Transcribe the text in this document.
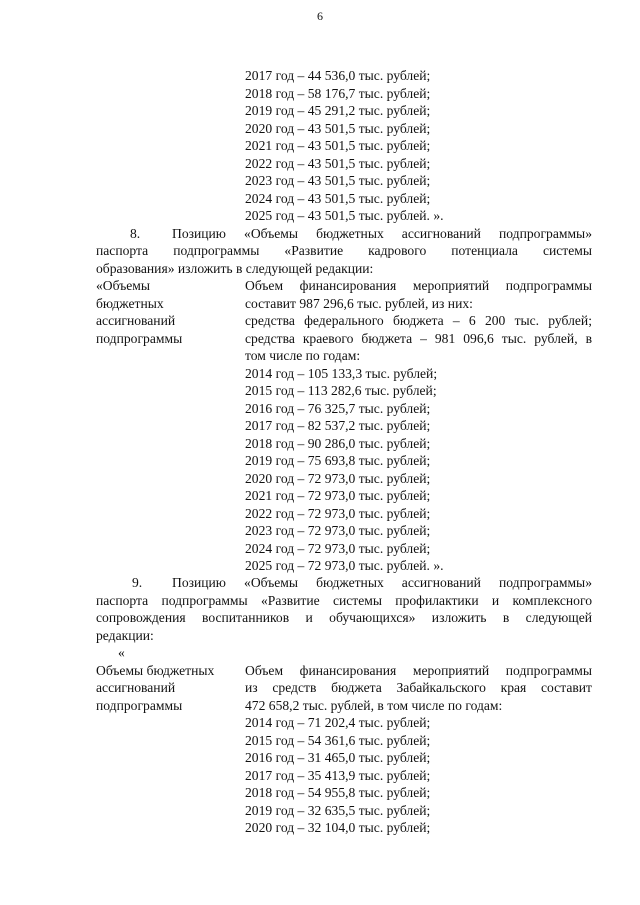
6
2017 год – 44 536,0 тыс. рублей;
2018 год – 58 176,7 тыс. рублей;
2019 год – 45 291,2 тыс. рублей;
2020 год – 43 501,5 тыс. рублей;
2021 год – 43 501,5 тыс. рублей;
2022 год – 43 501,5 тыс. рублей;
2023 год – 43 501,5 тыс. рублей;
2024 год – 43 501,5 тыс. рублей;
2025 год – 43 501,5 тыс. рублей. ».
8. Позицию «Объемы бюджетных ассигнований подпрограммы»
паспорта подпрограммы «Развитие кадрового потенциала системы
образования» изложить в следующей редакции:
«Объемы
бюджетных
ассигнований
подпрограммы
Объем финансирования мероприятий подпрограммы
составит 987 296,6 тыс. рублей, из них:
средства федерального бюджета – 6 200 тыс. рублей;
средства краевого бюджета – 981 096,6 тыс. рублей, в
том числе по годам:
2014 год – 105 133,3 тыс. рублей;
2015 год – 113 282,6 тыс. рублей;
2016 год – 76 325,7 тыс. рублей;
2017 год – 82 537,2 тыс. рублей;
2018 год – 90 286,0 тыс. рублей;
2019 год – 75 693,8 тыс. рублей;
2020 год – 72 973,0 тыс. рублей;
2021 год – 72 973,0 тыс. рублей;
2022 год – 72 973,0 тыс. рублей;
2023 год – 72 973,0 тыс. рублей;
2024 год – 72 973,0 тыс. рублей;
2025 год – 72 973,0 тыс. рублей. ».
9. Позицию «Объемы бюджетных ассигнований подпрограммы»
паспорта подпрограммы «Развитие системы профилактики и комплексного
сопровождения воспитанников и обучающихся» изложить в следующей
редакции:
«
Объемы бюджетных
ассигнований
подпрограммы
Объем финансирования мероприятий подпрограммы
из средств бюджета Забайкальского края составит
472 658,2 тыс. рублей, в том числе по годам:
2014 год – 71 202,4 тыс. рублей;
2015 год – 54 361,6 тыс. рублей;
2016 год – 31 465,0 тыс. рублей;
2017 год – 35 413,9 тыс. рублей;
2018 год – 54 955,8 тыс. рублей;
2019 год – 32 635,5 тыс. рублей;
2020 год – 32 104,0 тыс. рублей;
